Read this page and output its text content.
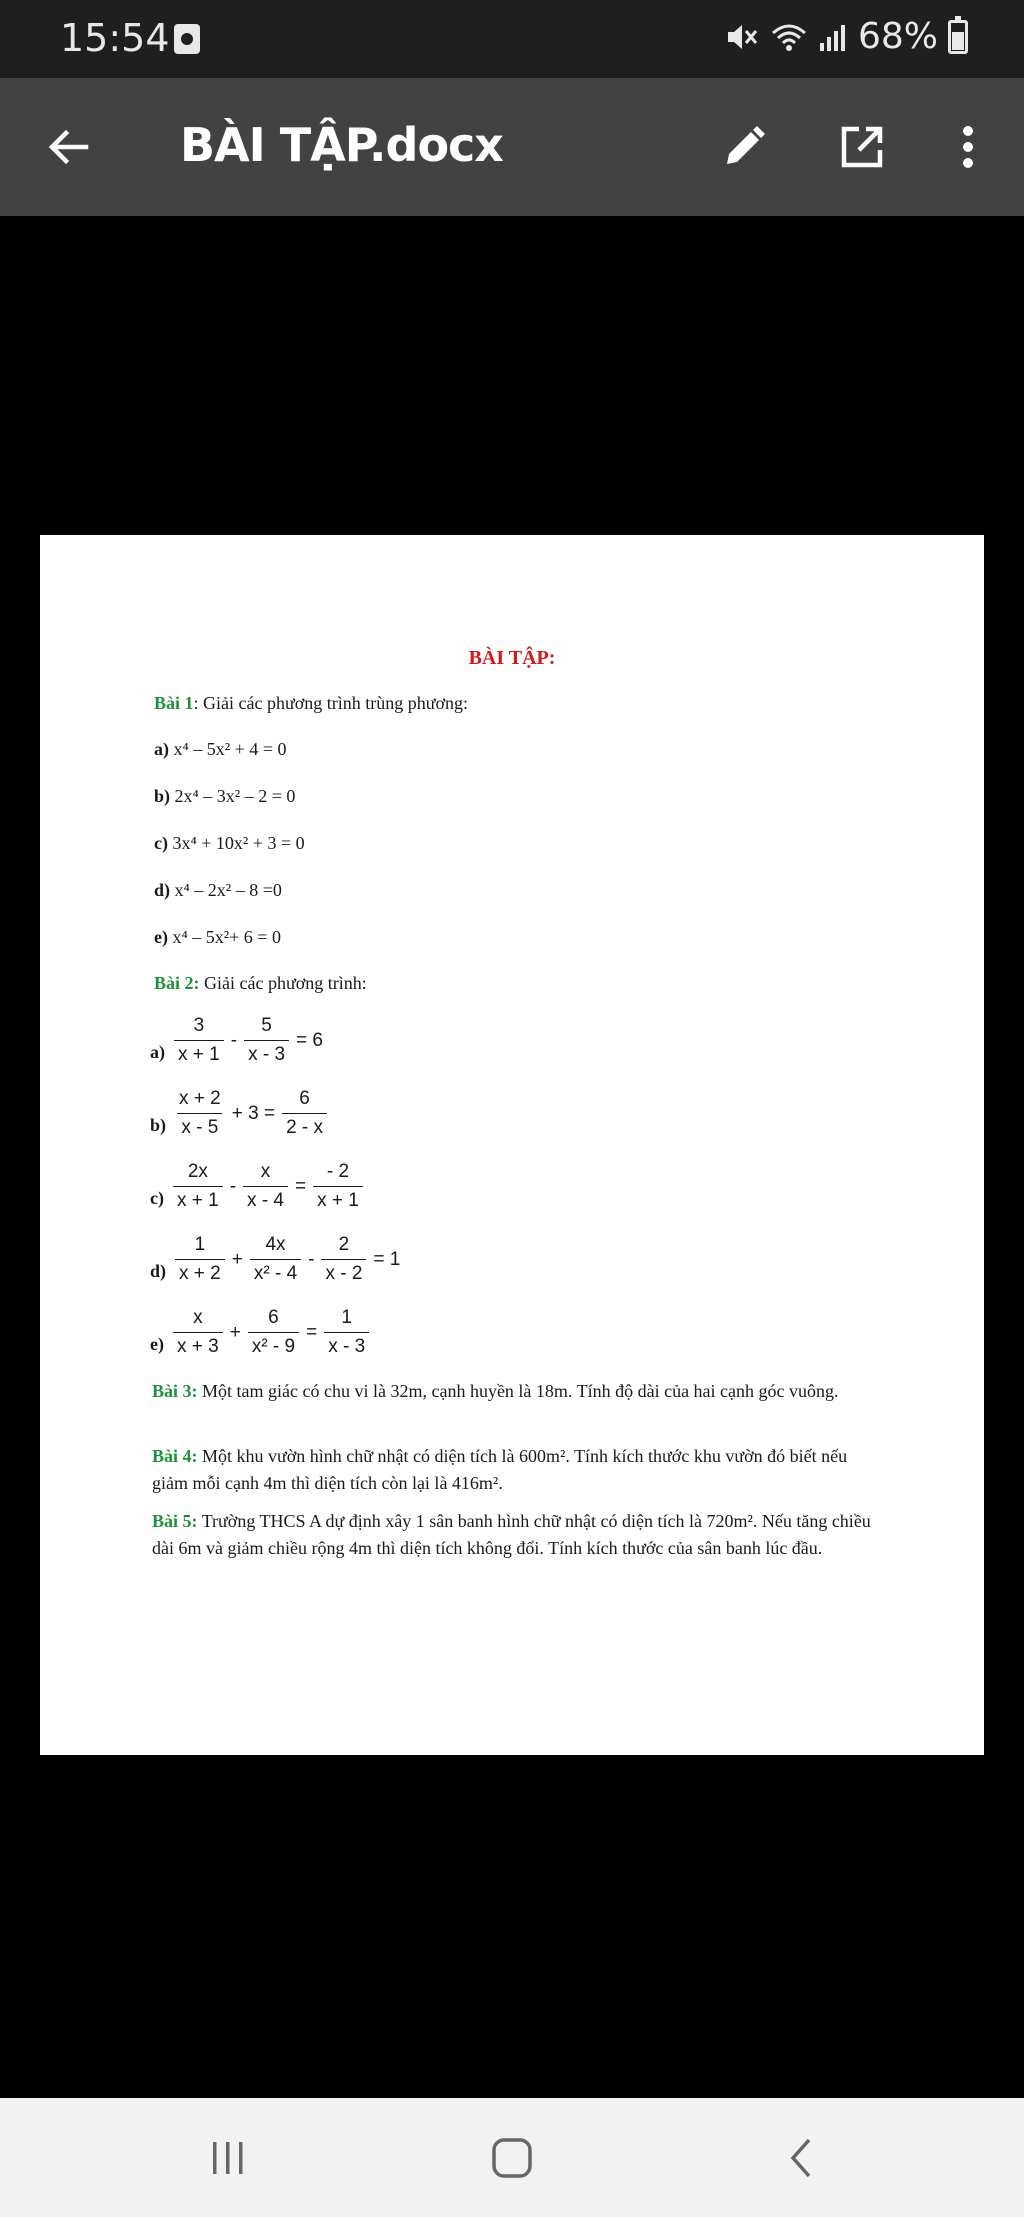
15:54	68%
BÀI TẬP.docx
BÀI TẬP:
Bài 1: Giải các phương trình trùng phương:
a) x⁴ – 5x² + 4 = 0
b) 2x⁴ – 3x² – 2 = 0
c) 3x⁴ + 10x² + 3 = 0
d) x⁴ – 2x² – 8 =0
e) x⁴ – 5x²+ 6 = 0
Bài 2: Giải các phương trình:
$a) \frac{3}{x + 1} - \frac{5}{x - 3} = 6$
$b) \frac{x + 2}{x - 5} + 3 = \frac{6}{2 - x}$
$c) \frac{2x}{x + 1} - \frac{x}{x - 4} = \frac{- 2}{x + 1}$
$d) \frac{1}{x + 2} + \frac{4x}{\text{x² - 4}} - \frac{2}{x - 2} = 1$
$e) \frac{x}{x + 3} + \frac{6}{\text{x² - 9}} = \frac{1}{x - 3}$
Bài 3: Một tam giác có chu vi là 32m, cạnh huyền là 18m. Tính độ dài của hai cạnh góc vuông.
Bài 4: Một khu vườn hình chữ nhật có diện tích là 600m². Tính kích thước khu vườn đó biết nếu giảm mỗi cạnh 4m thì diện tích còn lại là 416m².
Bài 5: Trường THCS A dự định xây 1 sân banh hình chữ nhật có diện tích là 720m². Nếu tăng chiều dài 6m và giảm chiều rộng 4m thì diện tích không đổi. Tính kích thước của sân banh lúc đầu.
